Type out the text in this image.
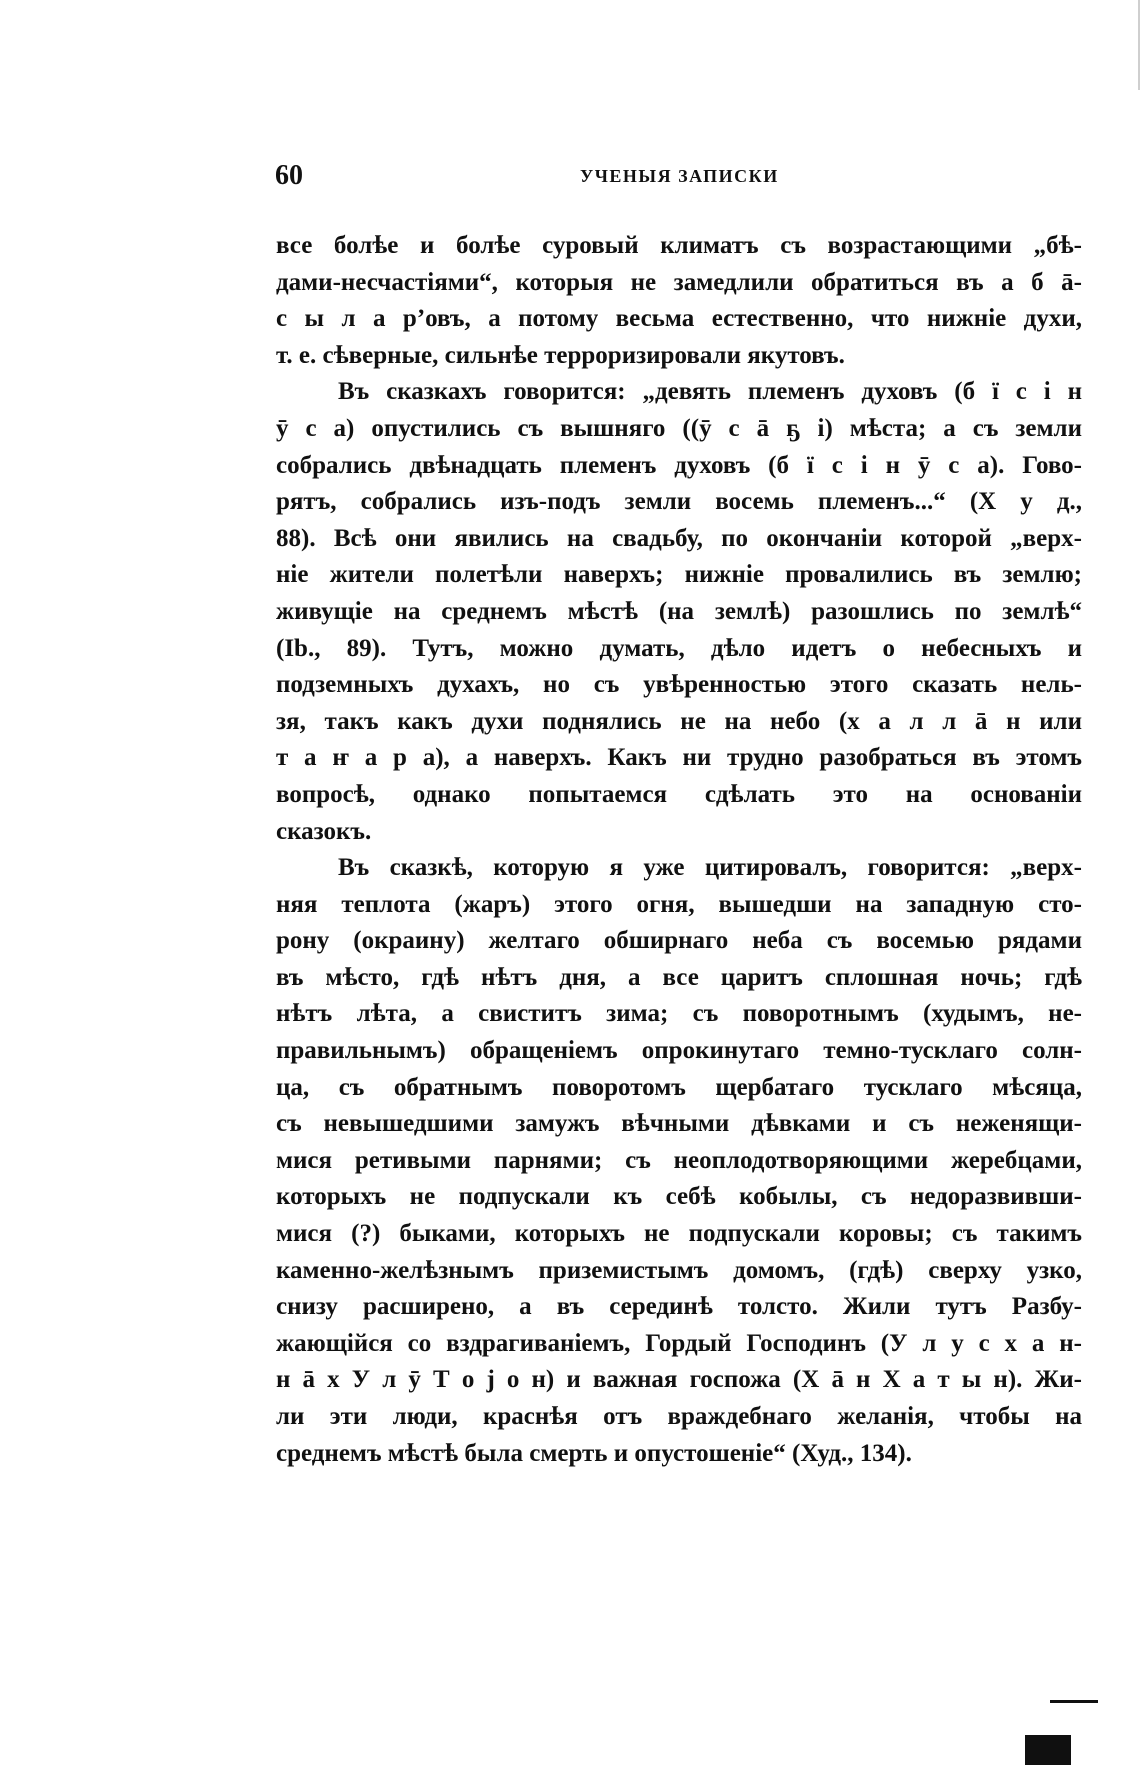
60	УЧЕНЫЯ ЗАПИСКИ

все болѣе и болѣе суровый климатъ съ возрастающими „бѣ-

дами-несчастіями“, которыя не замедлили обратиться въ а б ā-

с ы л а р’овъ, а потому весьма естественно, что нижніе духи,

т. е. сѣверные, сильнѣе терроризировали якутовъ.

Въ сказкахъ говорится: „девять племенъ духовъ (б ї с і н

ӯ с а) опустились съ вышняго ((ӯ с ā ҕ і) мѣста; а съ земли

собрались двѣнадцать племенъ духовъ (б ї с і н ӯ с а). Гово-

рятъ, собрались изъ-подъ земли восемь племенъ...“ (Х у д.,

88). Всѣ они явились на свадьбу, по окончаніи которой „верх-

ніе жители полетѣли наверхъ; нижніе провалились въ землю;

живущіе на среднемъ мѣстѣ (на землѣ) разошлись по землѣ“

(Ib., 89). Тутъ, можно думать, дѣло идетъ о небесныхъ и

подземныхъ духахъ, но съ увѣренностью этого сказать нель-

зя, такъ какъ духи поднялись не на небо (х а л л ā н или

т а ҥ а р а), а наверхъ. Какъ ни трудно разобраться въ этомъ

вопросѣ, однако попытаемся сдѣлать это на основаніи

сказокъ.

Въ сказкѣ, которую я уже цитировалъ, говорится: „верх-

няя теплота (жаръ) этого огня, вышедши на западную сто-

рону (окраину) желтаго обширнаго неба съ восемью рядами

въ мѣсто, гдѣ нѣтъ дня, а все царитъ сплошная ночь; гдѣ

нѣтъ лѣта, а свиститъ зима; съ поворотнымъ (худымъ, не-

правильнымъ) обращеніемъ опрокинутаго темно-тусклаго солн-

ца, съ обратнымъ поворотомъ щербатаго тусклаго мѣсяца,

съ невышедшими замужъ вѣчными дѣвками и съ неженящи-

мися ретивыми парнями; съ неоплодотворяющими жеребцами,

которыхъ не подпускали къ себѣ кобылы, съ недоразвивши-

мися (?) быками, которыхъ не подпускали коровы; съ такимъ

каменно-желѣзнымъ приземистымъ домомъ, (гдѣ) сверху узко,

снизу расширено, а въ серединѣ толсто. Жили тутъ Разбу-

жающійся со вздрагиваніемъ, Гордый Господинъ (У л у с х а н-

н ā х У л ӯ Т о j о н) и важная госпожа (Х ā н Х а т ы н). Жи-

ли эти люди, краснѣя отъ враждебнаго желанія, чтобы на

среднемъ мѣстѣ была смерть и опустошеніе“ (Худ., 134).
